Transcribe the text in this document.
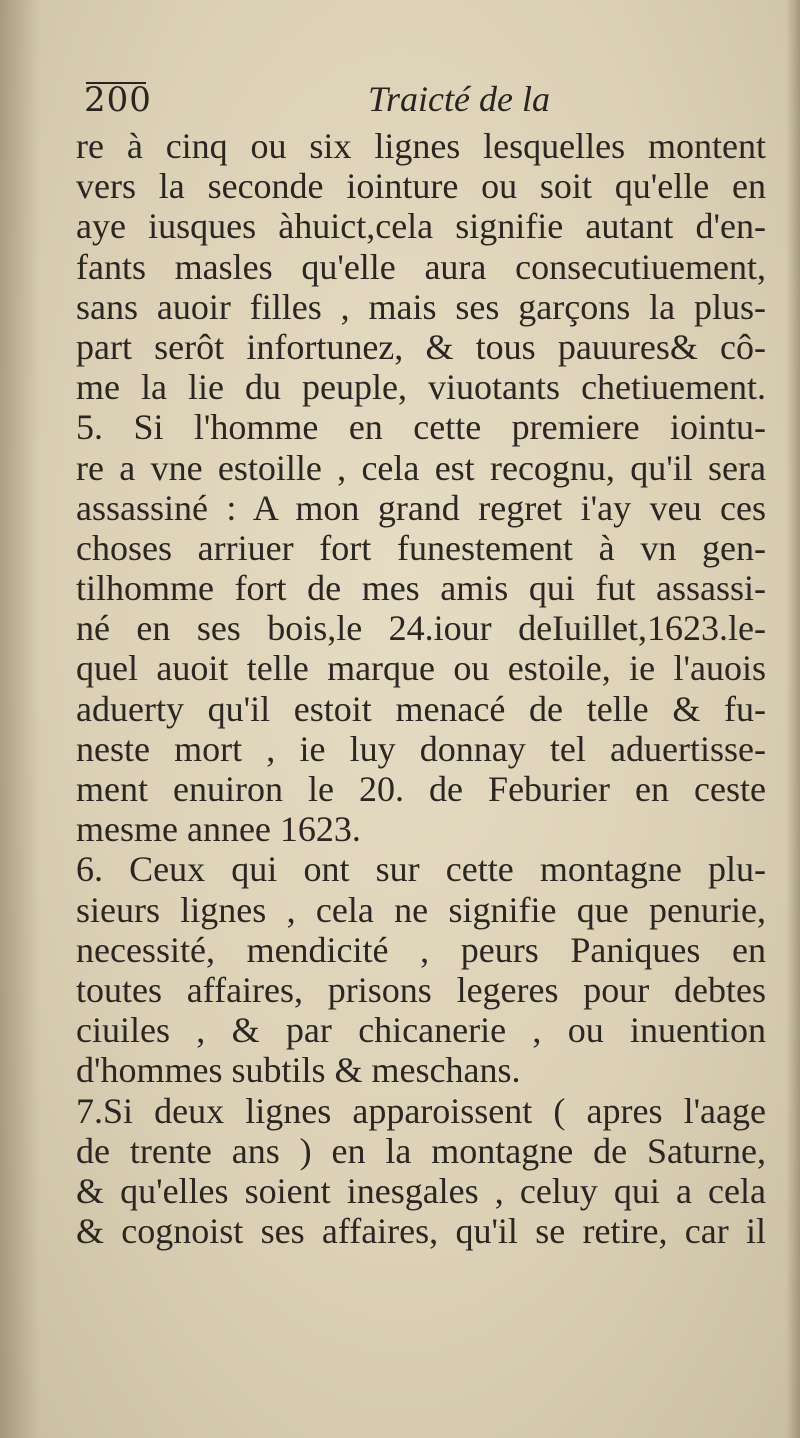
200	Traicté de la
re à cinq ou six lignes lesquelles montent
vers la seconde iointure ou soit qu'elle en
aye iusques àhuict,cela signifie autant d'en-
fants masles qu'elle aura consecutiuement,
sans auoir filles , mais ses garçons la plus-
part serôt infortunez, & tous pauures& cô-
me la lie du peuple, viuotants chetiuement.
5. Si l'homme en cette premiere iointu-
re a vne estoille , cela est recognu, qu'il sera
assassiné : A mon grand regret i'ay veu ces
choses arriuer fort funestement à vn gen-
tilhomme fort de mes amis qui fut assassi-
né en ses bois,le 24.iour deIuillet,1623.le-
quel auoit telle marque ou estoile, ie l'auois
aduerty qu'il estoit menacé de telle & fu-
neste mort , ie luy donnay tel aduertisse-
ment enuiron le 20. de Feburier en ceste
mesme annee 1623.
6. Ceux qui ont sur cette montagne plu-
sieurs lignes , cela ne signifie que penurie,
necessité, mendicité , peurs Paniques en
toutes affaires, prisons legeres pour debtes
ciuiles , & par chicanerie , ou inuention
d'hommes subtils & meschans.
7.Si deux lignes apparoissent ( apres l'aage
de trente ans ) en la montagne de Saturne,
& qu'elles soient inesgales , celuy qui a cela
& cognoist ses affaires, qu'il se retire, car il
